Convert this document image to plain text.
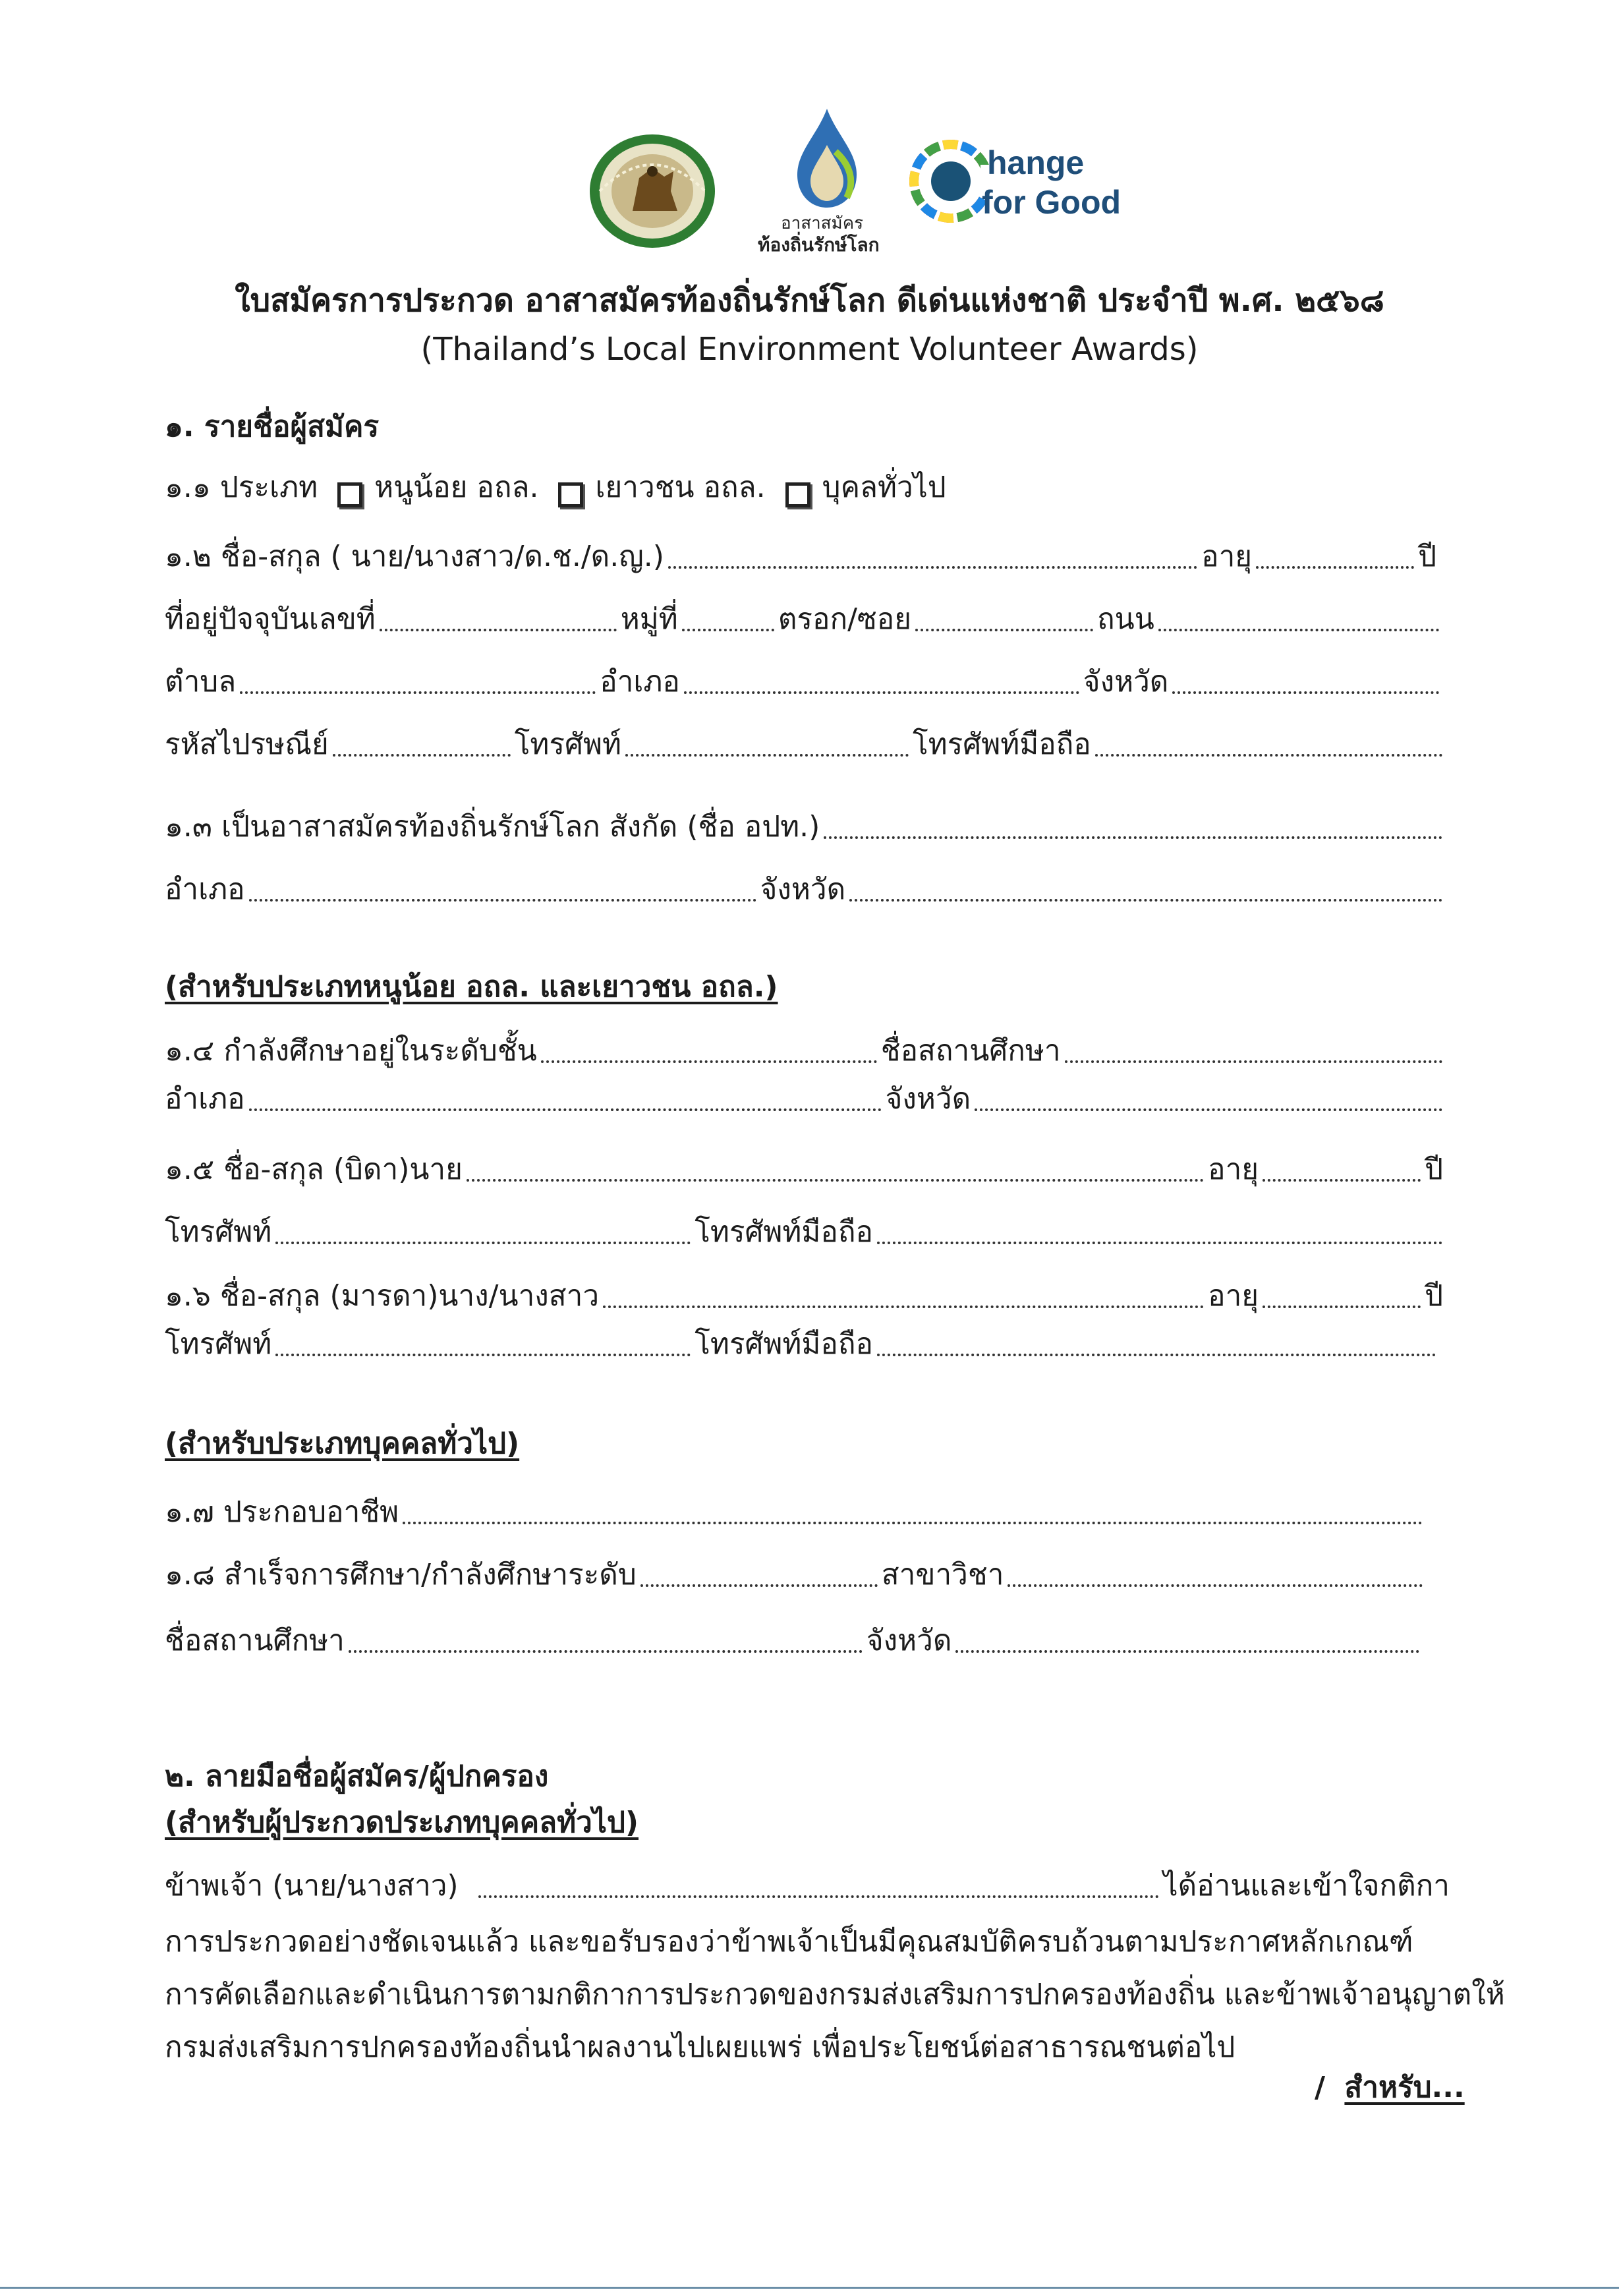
อาสาสมัคร
ท้องถิ่นรักษ์โลก
hange
for Good
ใบสมัครการประกวด อาสาสมัครท้องถิ่นรักษ์โลก ดีเด่นแห่งชาติ ประจำปี พ.ศ. ๒๕๖๘
(Thailand’s Local Environment Volunteer Awards)
๑. รายชื่อผู้สมัคร
๑.๑ ประเภท หนูน้อย อถล. เยาวชน อถล. บุคลทั่วไป
๑.๒ ชื่อ-สกุล ( นาย/นางสาว/ด.ช./ด.ญ.)	อายุ	ปี
ที่อยู่ปัจจุบันเลขที่	หมู่ที่	ตรอก/ซอย	ถนน
ตำบล	อำเภอ	จังหวัด
รหัสไปรษณีย์	โทรศัพท์	โทรศัพท์มือถือ
๑.๓ เป็นอาสาสมัครท้องถิ่นรักษ์โลก สังกัด (ชื่อ อปท.)
อำเภอ	จังหวัด
(สำหรับประเภทหนูน้อย อถล. และเยาวชน อถล.)
๑.๔ กำลังศึกษาอยู่ในระดับชั้น	ชื่อสถานศึกษา
อำเภอ	จังหวัด
๑.๕ ชื่อ-สกุล (บิดา)นาย	อายุ	ปี
โทรศัพท์	โทรศัพท์มือถือ
๑.๖ ชื่อ-สกุล (มารดา)นาง/นางสาว	อายุ	ปี
โทรศัพท์	โทรศัพท์มือถือ
(สำหรับประเภทบุคคลทั่วไป)
๑.๗ ประกอบอาชีพ
๑.๘ สำเร็จการศึกษา/กำลังศึกษาระดับ	สาขาวิชา
ชื่อสถานศึกษา	จังหวัด
๒. ลายมือชื่อผู้สมัคร/ผู้ปกครอง
(สำหรับผู้ประกวดประเภทบุคคลทั่วไป)
ข้าพเจ้า (นาย/นางสาว)	ได้อ่านและเข้าใจกติกา

การประกวดอย่างชัดเจนแล้ว และขอรับรองว่าข้าพเจ้าเป็นมีคุณสมบัติครบถ้วนตามประกาศหลักเกณฑ์

การคัดเลือกและดำเนินการตามกติกาการประกวดของกรมส่งเสริมการปกครองท้องถิ่น และข้าพเจ้าอนุญาตให้

กรมส่งเสริมการปกครองท้องถิ่นนำผลงานไปเผยแพร่ เพื่อประโยชน์ต่อสาธารณชนต่อไป

/ สำหรับ...
